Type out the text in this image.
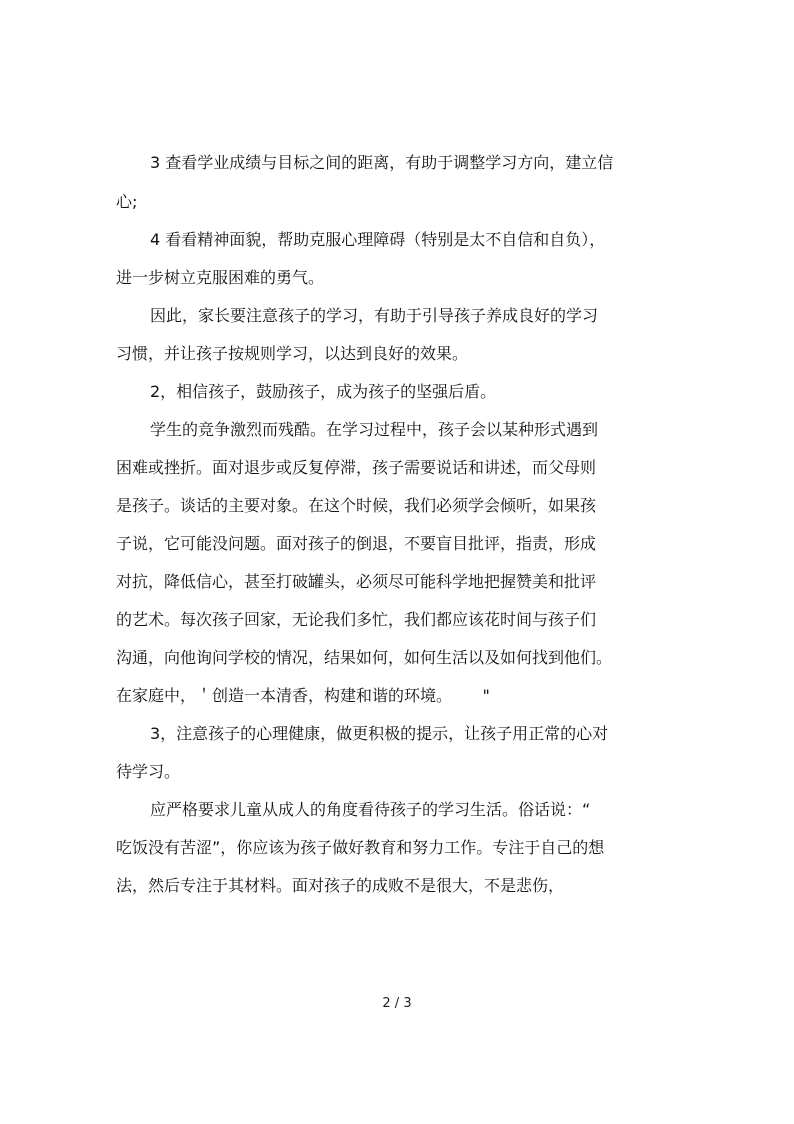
3 查看学业成绩与目标之间的距离，有助于调整学习方向，建立信
心;
4 看看精神面貌，帮助克服心理障碍（特别是太不自信和自负），
进一步树立克服困难的勇气。
因此，家长要注意孩子的学习，有助于引导孩子养成良好的学习
习惯，并让孩子按规则学习，以达到良好的效果。
2，相信孩子，鼓励孩子，成为孩子的坚强后盾。
学生的竞争激烈而残酷。在学习过程中，孩子会以某种形式遇到
困难或挫折。面对退步或反复停滞，孩子需要说话和讲述，而父母则
是孩子。谈话的主要对象。在这个时候，我们必须学会倾听，如果孩
子说，它可能没问题。面对孩子的倒退，不要盲目批评，指责，形成
对抗，降低信心，甚至打破罐头，必须尽可能科学地把握赞美和批评
的艺术。每次孩子回家，无论我们多忙，我们都应该花时间与孩子们
沟通，向他询问学校的情况，结果如何，如何生活以及如何找到他们。
在家庭中，＇创造一本清香，构建和谐的环境。      "
3，注意孩子的心理健康，做更积极的提示，让孩子用正常的心对
待学习。
应严格要求儿童从成人的角度看待孩子的学习生活。俗话说：“
吃饭没有苦涩”，你应该为孩子做好教育和努力工作。专注于自己的想
法，然后专注于其材料。面对孩子的成败不是很大，不是悲伤，
2 / 3
